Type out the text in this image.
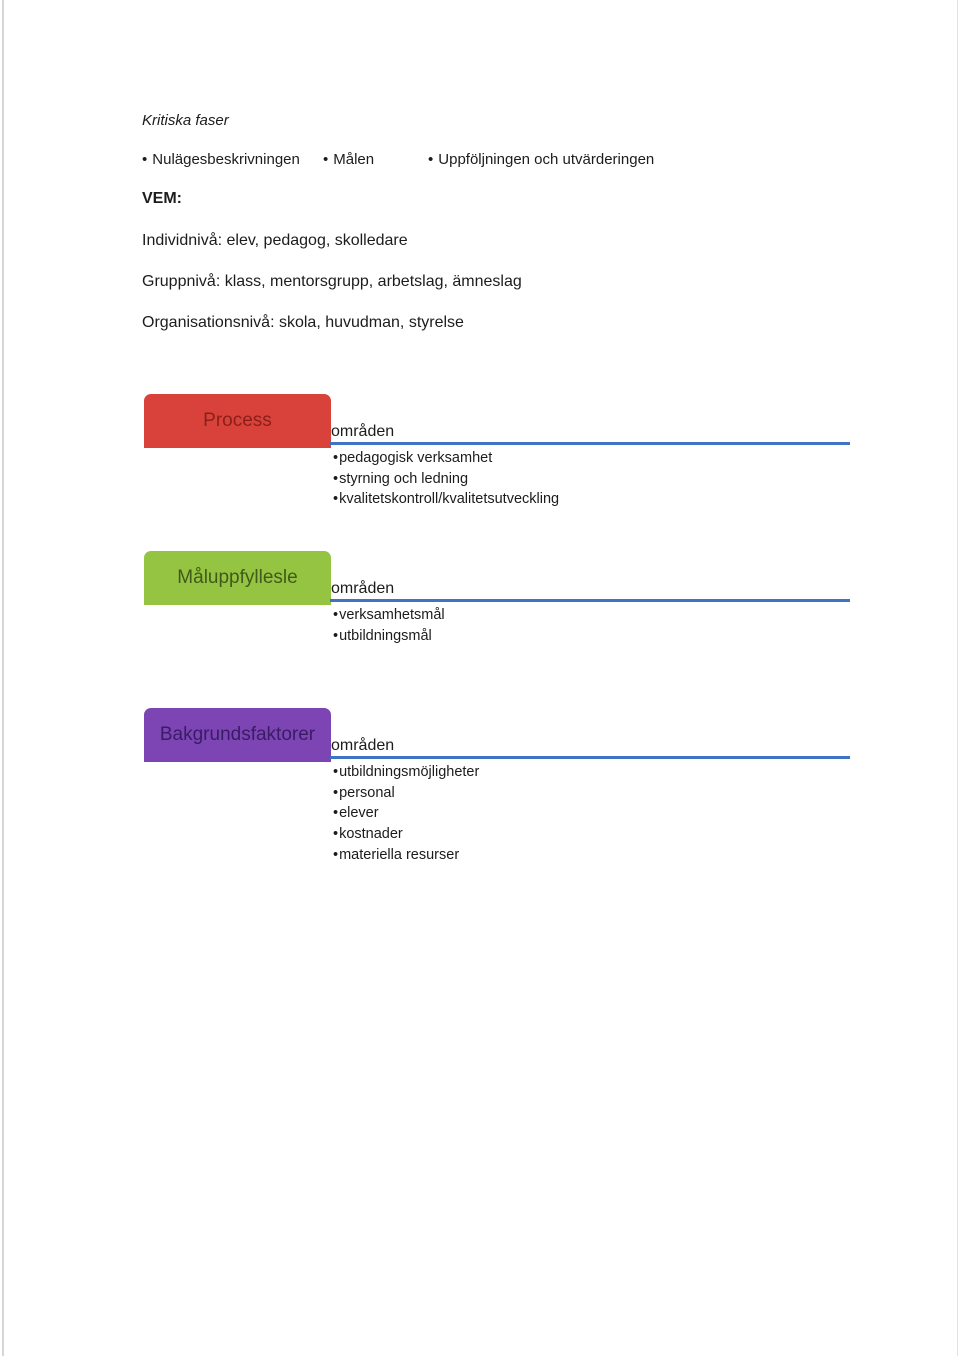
Kritiska faser
• Nulägesbeskrivningen	• Målen	• Uppföljningen och utvärderingen
VEM:
Individnivå: elev, pedagog, skolledare
Gruppnivå: klass, mentorsgrupp, arbetslag, ämneslag
Organisationsnivå: skola, huvudman, styrelse
Process
områden
• pedagogisk verksamhet
• styrning och ledning
• kvalitetskontroll/kvalitetsutveckling
Måluppfyllesle
områden
• verksamhetsmål
• utbildningsmål
Bakgrundsfaktorer
områden
• utbildningsmöjligheter
• personal
• elever
• kostnader
• materiella resurser
